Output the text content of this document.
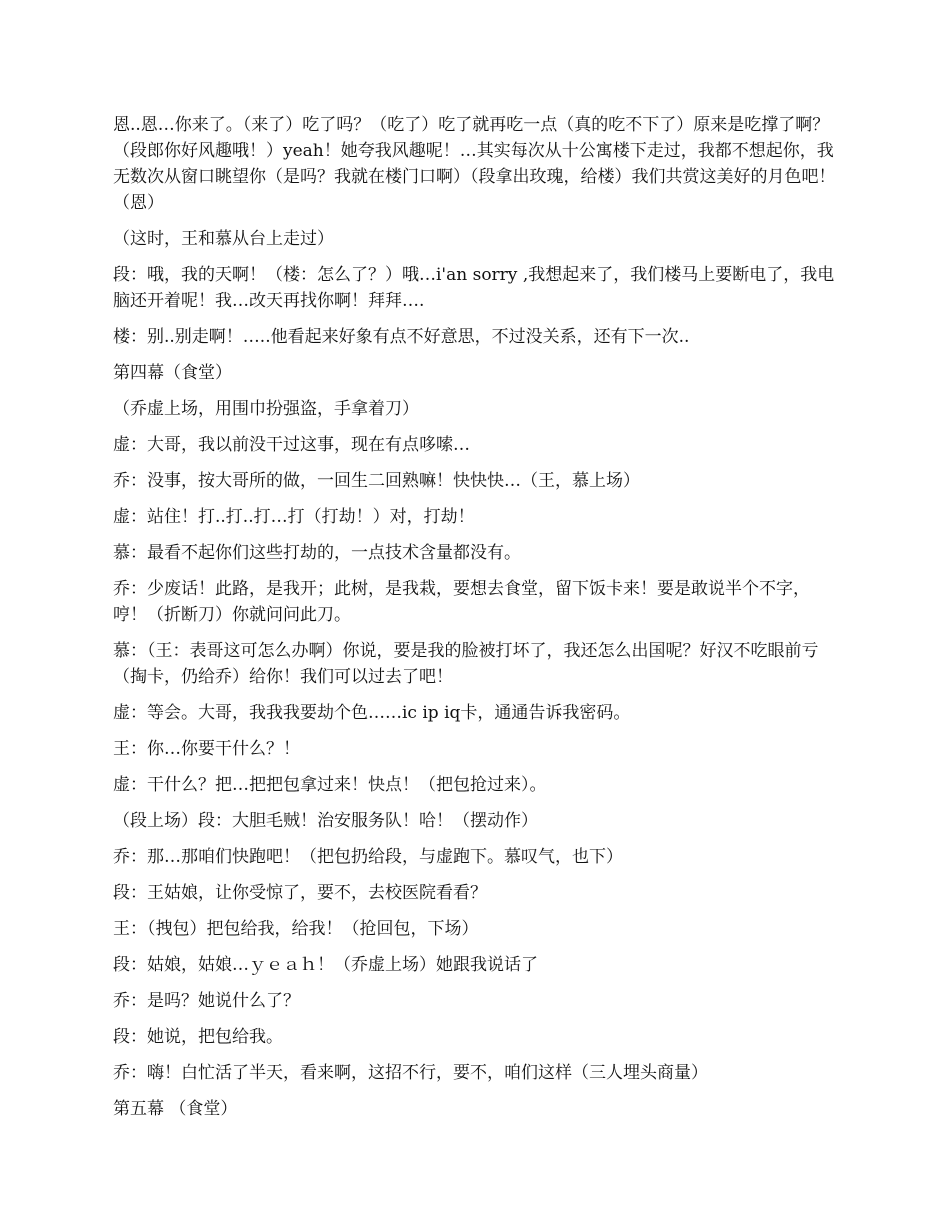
恩..恩…你来了。（来了）吃了吗？（吃了）吃了就再吃一点（真的吃不下了）原来是吃撑了啊？（段郎你好风趣哦！）yeah！她夸我风趣呢！…其实每次从十公寓楼下走过，我都不想起你，我无数次从窗口眺望你（是吗？我就在楼门口啊）（段拿出玫瑰，给楼）我们共赏这美好的月色吧！（恩）

（这时，王和慕从台上走过）

段：哦，我的天啊！（楼：怎么了？）哦…i'an sorry ,我想起来了，我们楼马上要断电了，我电脑还开着呢！我…改天再找你啊！拜拜….

楼：别..别走啊！…..他看起来好象有点不好意思，不过没关系，还有下一次..

第四幕（食堂）

（乔虚上场，用围巾扮强盗，手拿着刀）

虚：大哥，我以前没干过这事，现在有点哆嗦…

乔：没事，按大哥所的做，一回生二回熟嘛！快快快…（王，慕上场）

虚：站住！打..打..打…打（打劫！）对，打劫！

慕：最看不起你们这些打劫的，一点技术含量都没有。

乔：少废话！此路，是我开；此树，是我栽，要想去食堂，留下饭卡来！要是敢说半个不字，哼！（折断刀）你就问问此刀。

慕：（王：表哥这可怎么办啊）你说，要是我的脸被打坏了，我还怎么出国呢？好汉不吃眼前亏（掏卡，仍给乔）给你！我们可以过去了吧！

虚：等会。大哥，我我我要劫个色……ic ip iq卡，通通告诉我密码。

王：你…你要干什么？！

虚：干什么？把…把把包拿过来！快点！（把包抢过来）。

（段上场）段：大胆毛贼！治安服务队！哈！（摆动作）

乔：那…那咱们快跑吧！（把包扔给段，与虚跑下。慕叹气，也下）

段：王姑娘，让你受惊了，要不，去校医院看看？

王：（拽包）把包给我，给我！（抢回包，下场）

段：姑娘，姑娘…ｙｅａｈ！（乔虚上场）她跟我说话了

乔：是吗？她说什么了？

段：她说，把包给我。

乔：嗨！白忙活了半天，看来啊，这招不行，要不，咱们这样（三人埋头商量）

第五幕 （食堂）
